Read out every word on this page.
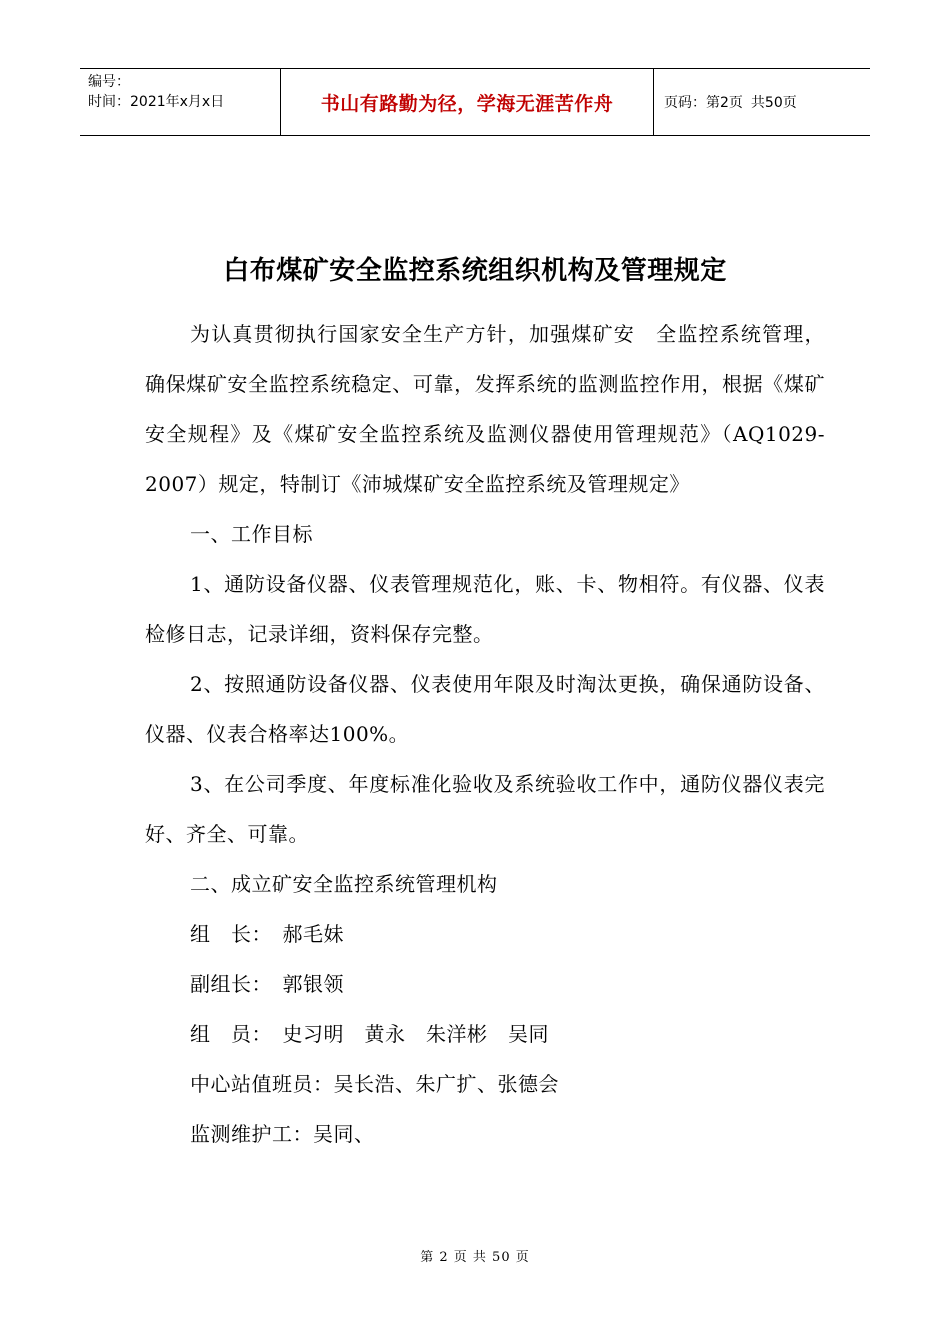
编号：
时间：2021年x月x日	书山有路勤为径，学海无涯苦作舟	页码：第2页 共50页
白布煤矿安全监控系统组织机构及管理规定

为认真贯彻执行国家安全生产方针，加强煤矿安　全监控系统管理，确保煤矿安全监控系统稳定、可靠，发挥系统的监测监控作用，根据《煤矿安全规程》及《煤矿安全监控系统及监测仪器使用管理规范》（AQ1029-2007）规定，特制订《沛城煤矿安全监控系统及管理规定》

一、工作目标

1、通防设备仪器、仪表管理规范化，账、卡、物相符。有仪器、仪表检修日志，记录详细，资料保存完整。

2、按照通防设备仪器、仪表使用年限及时淘汰更换，确保通防设备、仪器、仪表合格率达100%。

3、在公司季度、年度标准化验收及系统验收工作中，通防仪器仪表完好、齐全、可靠。

二、成立矿安全监控系统管理机构

组　长：　郝毛妹

副组长：　郭银领

组　员：　史习明　黄永　朱洋彬　吴同

中心站值班员：吴长浩、朱广扩、张德会

监测维护工：吴同、

第 2 页 共 50 页
